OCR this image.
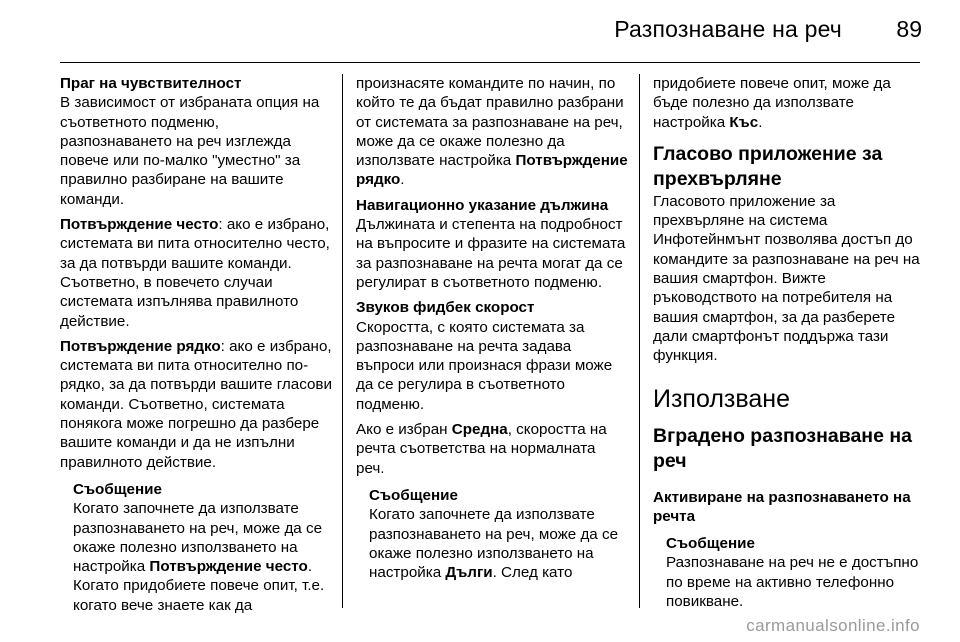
Разпознаване на реч 89

Праг на чувствителност
В зависимост от избраната опция на съответното подменю, разпознаването на реч изглежда повече или по-малко "уместно" за правилно разбиране на вашите команди.

Потвърждение често: ако е избрано, системата ви пита относително често, за да потвърди вашите команди. Съответно, в повечето случаи системата изпълнява правилното действие.

Потвърждение рядко: ако е избрано, системата ви пита относително по-рядко, за да потвърди вашите гласови команди. Съответно, системата понякога може погрешно да разбере вашите команди и да не изпълни правилното действие.

Съобщение
Когато започнете да използвате разпознаването на реч, може да се окаже полезно използването на настройка Потвърждение често. Когато придобиете повече опит, т.е. когато вече знаете как да

произнасяте командите по начин, по който те да бъдат правилно разбрани от системата за разпознаване на реч, може да се окаже полезно да използвате настройка Потвърждение рядко.

Навигационно указание дължина
Дължината и степента на подробност на въпросите и фразите на системата за разпознаване на речта могат да се регулират в съответното подменю.

Звуков фидбек скорост
Скоростта, с която системата за разпознаване на речта задава въпроси или произнася фрази може да се регулира в съответното подменю.

Ако е избран Средна, скоростта на речта съответства на нормалната реч.

Съобщение
Когато започнете да използвате разпознаването на реч, може да се окаже полезно използването на настройка Дълги. След като

придобиете повече опит, може да бъде полезно да използвате настройка Къс.

Гласово приложение за прехвърляне

Гласовото приложение за прехвърляне на система Инфотейнмънт позволява достъп до командите за разпознаване на реч на вашия смартфон. Вижте ръководството на потребителя на вашия смартфон, за да разберете дали смартфонът поддържа тази функция.

Използване
Вградено разпознаване на реч
Активиране на разпознаването на речта
Съобщение
Разпознаване на реч не е достъпно по време на активно телефонно повикване.
carmanualsonline.info
